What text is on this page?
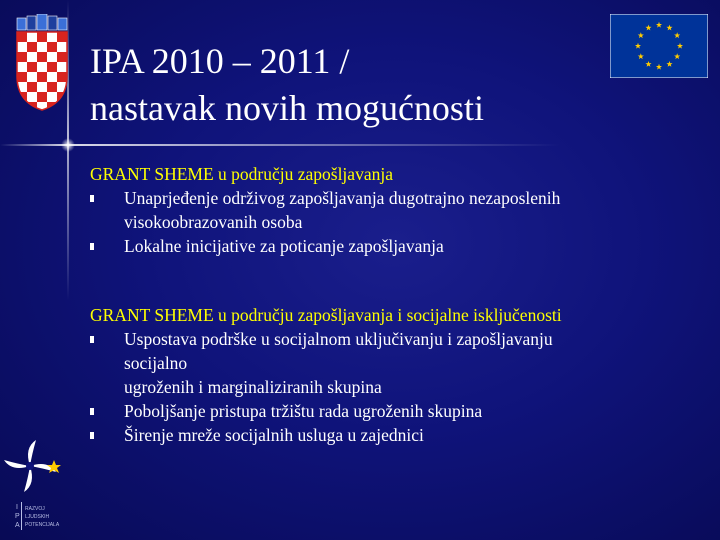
IPA 2010 – 2011 /
nastavak novih mogućnosti
GRANT SHEME u području zapošljavanja
Unaprjeđenje održivog zapošljavanja dugotrajno nezaposlenih
visokoobrazovanih osoba
Lokalne inicijative za poticanje zapošljavanja
GRANT SHEME u području zapošljavanja i socijalne isključenosti
Uspostava podrške u socijalnom uključivanju i zapošljavanju
socijalno
ugroženih i marginaliziranih skupina
Poboljšanje pristupa tržištu rada ugroženih skupina
Širenje mreže socijalnih usluga u zajednici
I
P
A
RAZVOJ
LJUDSKIH
POTENCIJALA
